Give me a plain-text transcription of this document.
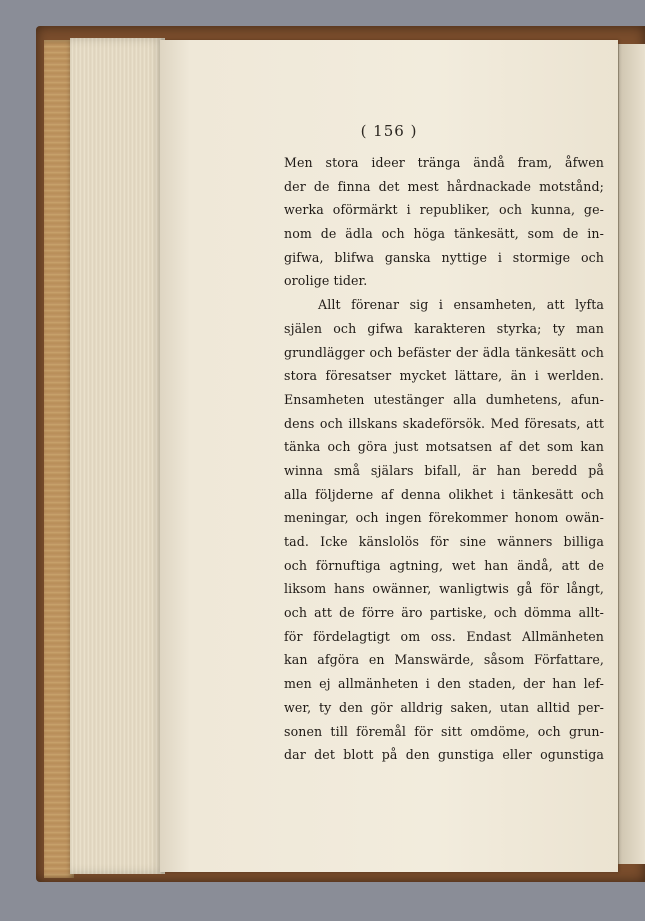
( 156 )
Men stora ideer tränga ändå fram, åfwen
der de finna det mest hårdnackade motstånd;
werka oförmärkt i republiker, och kunna, ge-
nom de ädla och höga tänkesätt, som de in-
gifwa, blifwa ganska nyttige i stormige och
orolige tider.
Allt förenar sig i ensamheten, att lyfta
själen och gifwa karakteren styrka; ty man
grundlägger och befäster der ädla tänkesätt och
stora föresatser mycket lättare, än i werlden.
Ensamheten utestänger alla dumhetens, afun-
dens och illskans skadeförsök. Med föresats, att
tänka och göra just motsatsen af det som kan
winna små själars bifall, är han beredd på
alla följderne af denna olikhet i tänkesätt och
meningar, och ingen förekommer honom owän-
tad. Icke känslolös för sine wänners billiga
och förnuftiga agtning, wet han ändå, att de
liksom hans owänner, wanligtwis gå för långt,
och att de förre äro partiske, och dömma allt-
för fördelagtigt om oss. Endast Allmänheten
kan afgöra en Manswärde, såsom Författare,
men ej allmänheten i den staden, der han lef-
wer, ty den gör alldrig saken, utan alltid per-
sonen till föremål för sitt omdöme, och grun-
dar det blott på den gunstiga eller ogunstiga
